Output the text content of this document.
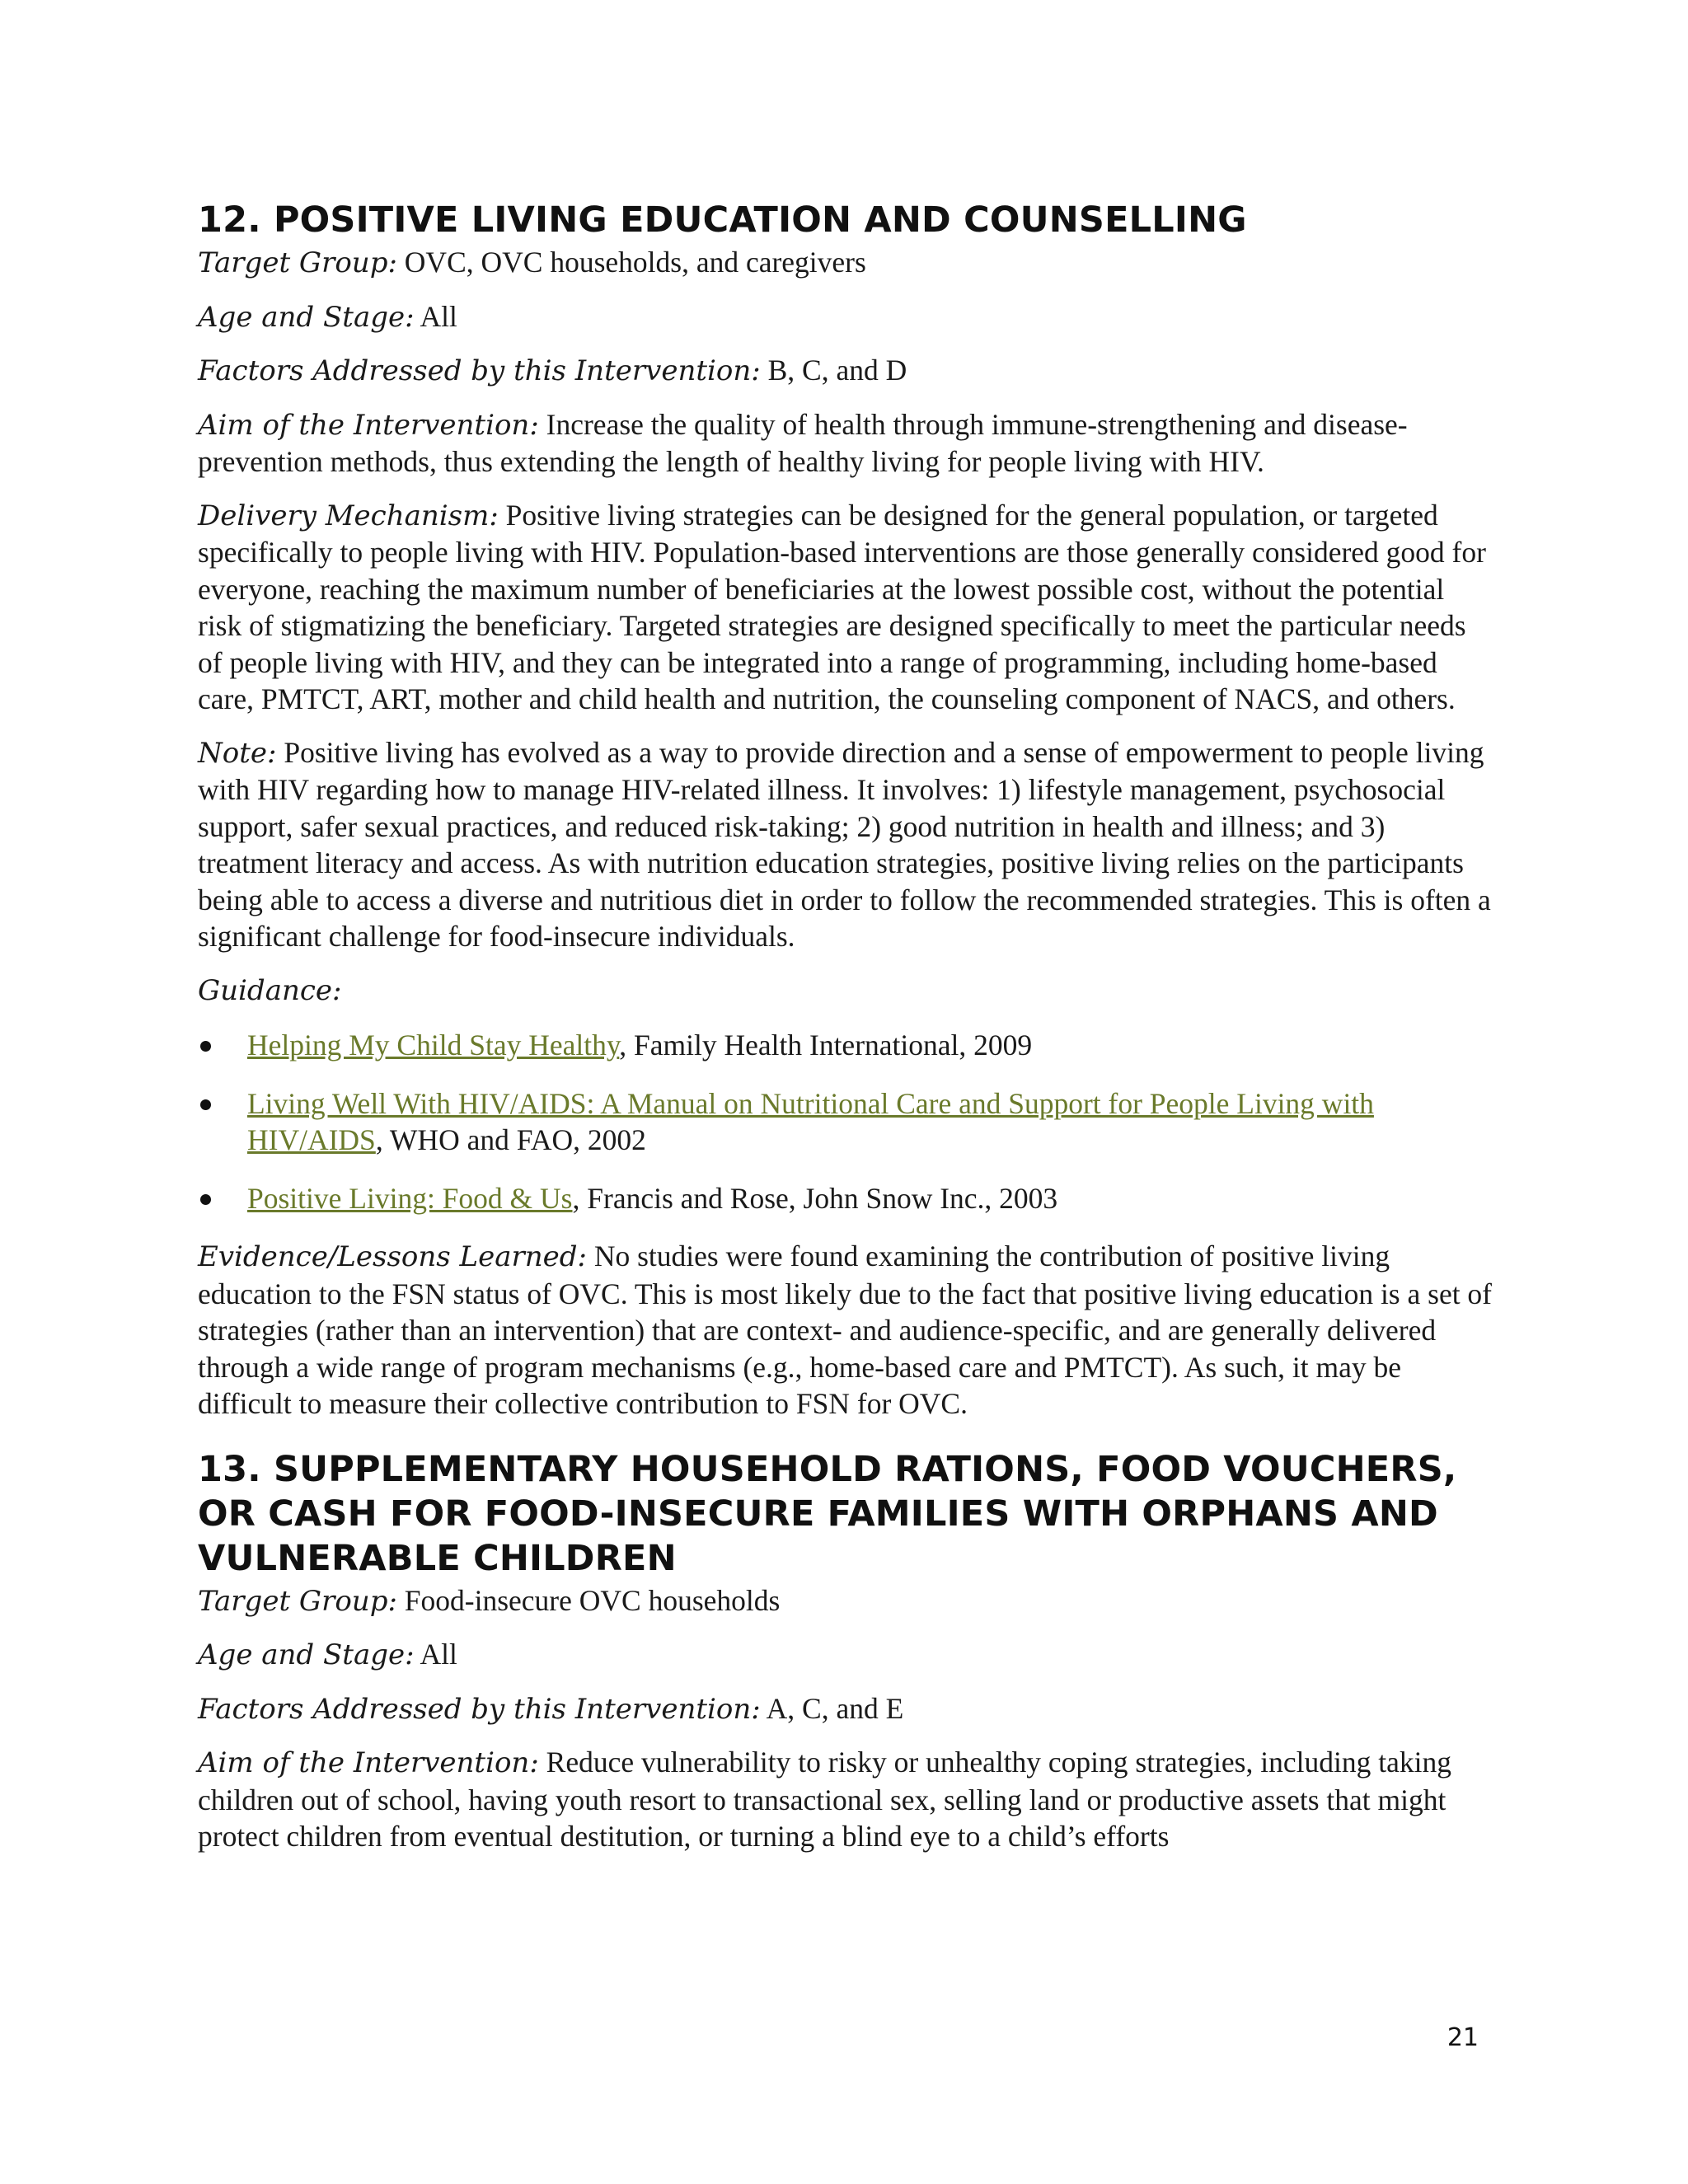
12. POSITIVE LIVING EDUCATION AND COUNSELLING

Target Group: OVC, OVC households, and caregivers

Age and Stage: All

Factors Addressed by this Intervention: B, C, and D

Aim of the Intervention: Increase the quality of health through immune-strengthening and disease-prevention methods, thus extending the length of healthy living for people living with HIV.

Delivery Mechanism: Positive living strategies can be designed for the general population, or targeted specifically to people living with HIV. Population-based interventions are those generally considered good for everyone, reaching the maximum number of beneficiaries at the lowest possible cost, without the potential risk of stigmatizing the beneficiary. Targeted strategies are designed specifically to meet the particular needs of people living with HIV, and they can be integrated into a range of programming, including home-based care, PMTCT, ART, mother and child health and nutrition, the counseling component of NACS, and others.

Note: Positive living has evolved as a way to provide direction and a sense of empowerment to people living with HIV regarding how to manage HIV-related illness. It involves: 1) lifestyle management, psychosocial support, safer sexual practices, and reduced risk-taking; 2) good nutrition in health and illness; and 3) treatment literacy and access. As with nutrition education strategies, positive living relies on the participants being able to access a diverse and nutritious diet in order to follow the recommended strategies. This is often a significant challenge for food-insecure individuals.

Guidance:

Helping My Child Stay Healthy, Family Health International, 2009
Living Well With HIV/AIDS: A Manual on Nutritional Care and Support for People Living with HIV/AIDS, WHO and FAO, 2002
Positive Living: Food & Us, Francis and Rose, John Snow Inc., 2003

Evidence/Lessons Learned: No studies were found examining the contribution of positive living education to the FSN status of OVC. This is most likely due to the fact that positive living education is a set of strategies (rather than an intervention) that are context- and audience-specific, and are generally delivered through a wide range of program mechanisms (e.g., home-based care and PMTCT). As such, it may be difficult to measure their collective contribution to FSN for OVC.

13. SUPPLEMENTARY HOUSEHOLD RATIONS, FOOD VOUCHERS, OR CASH FOR FOOD-INSECURE FAMILIES WITH ORPHANS AND VULNERABLE CHILDREN

Target Group: Food-insecure OVC households

Age and Stage: All

Factors Addressed by this Intervention: A, C, and E

Aim of the Intervention: Reduce vulnerability to risky or unhealthy coping strategies, including taking children out of school, having youth resort to transactional sex, selling land or productive assets that might protect children from eventual destitution, or turning a blind eye to a child’s efforts

21
